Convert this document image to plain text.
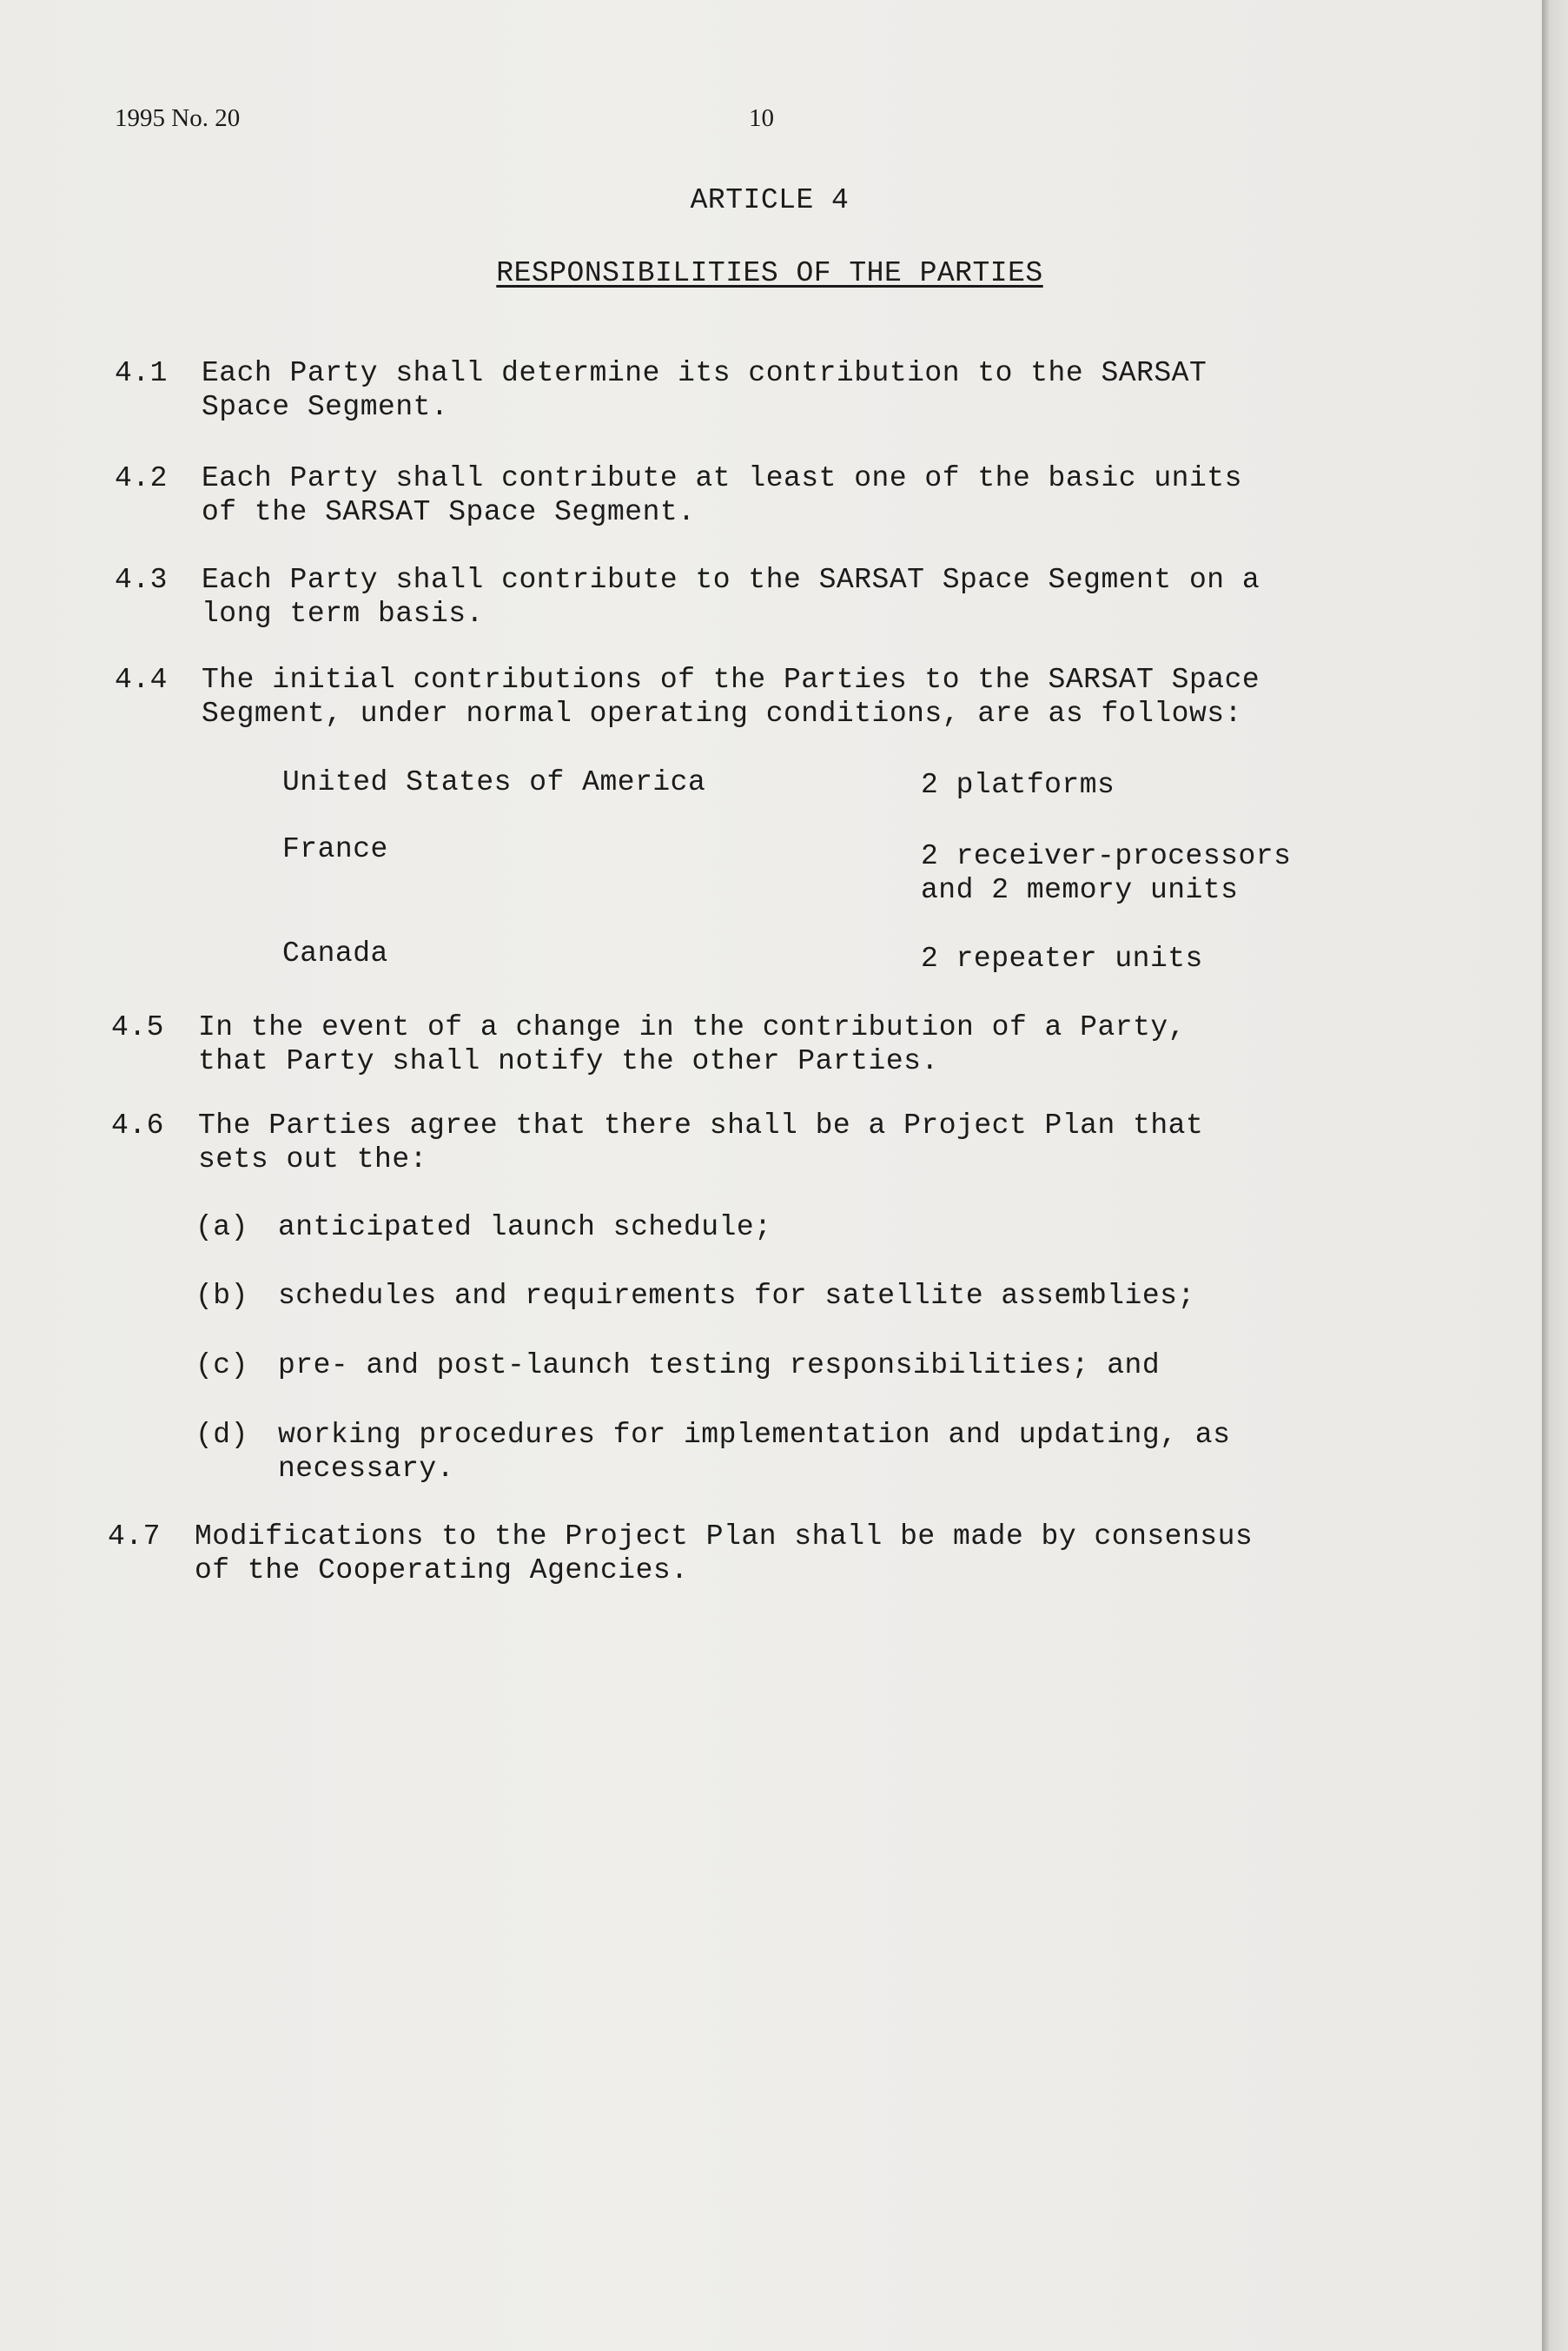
1995 No. 20	10
ARTICLE 4
RESPONSIBILITIES OF THE PARTIES
4.1 Each Party shall determine its contribution to the SARSAT
Space Segment.
4.2 Each Party shall contribute at least one of the basic units
of the SARSAT Space Segment.
4.3 Each Party shall contribute to the SARSAT Space Segment on a
long term basis.
4.4 The initial contributions of the Parties to the SARSAT Space
Segment, under normal operating conditions, are as follows:
United States of America	2 platforms
France	2 receiver-processors
and 2 memory units
Canada	2 repeater units
4.5 In the event of a change in the contribution of a Party,
that Party shall notify the other Parties.
4.6 The Parties agree that there shall be a Project Plan that
sets out the:
(a) anticipated launch schedule;
(b) schedules and requirements for satellite assemblies;
(c) pre- and post-launch testing responsibilities; and
(d) working procedures for implementation and updating, as
necessary.
4.7 Modifications to the Project Plan shall be made by consensus
of the Cooperating Agencies.
